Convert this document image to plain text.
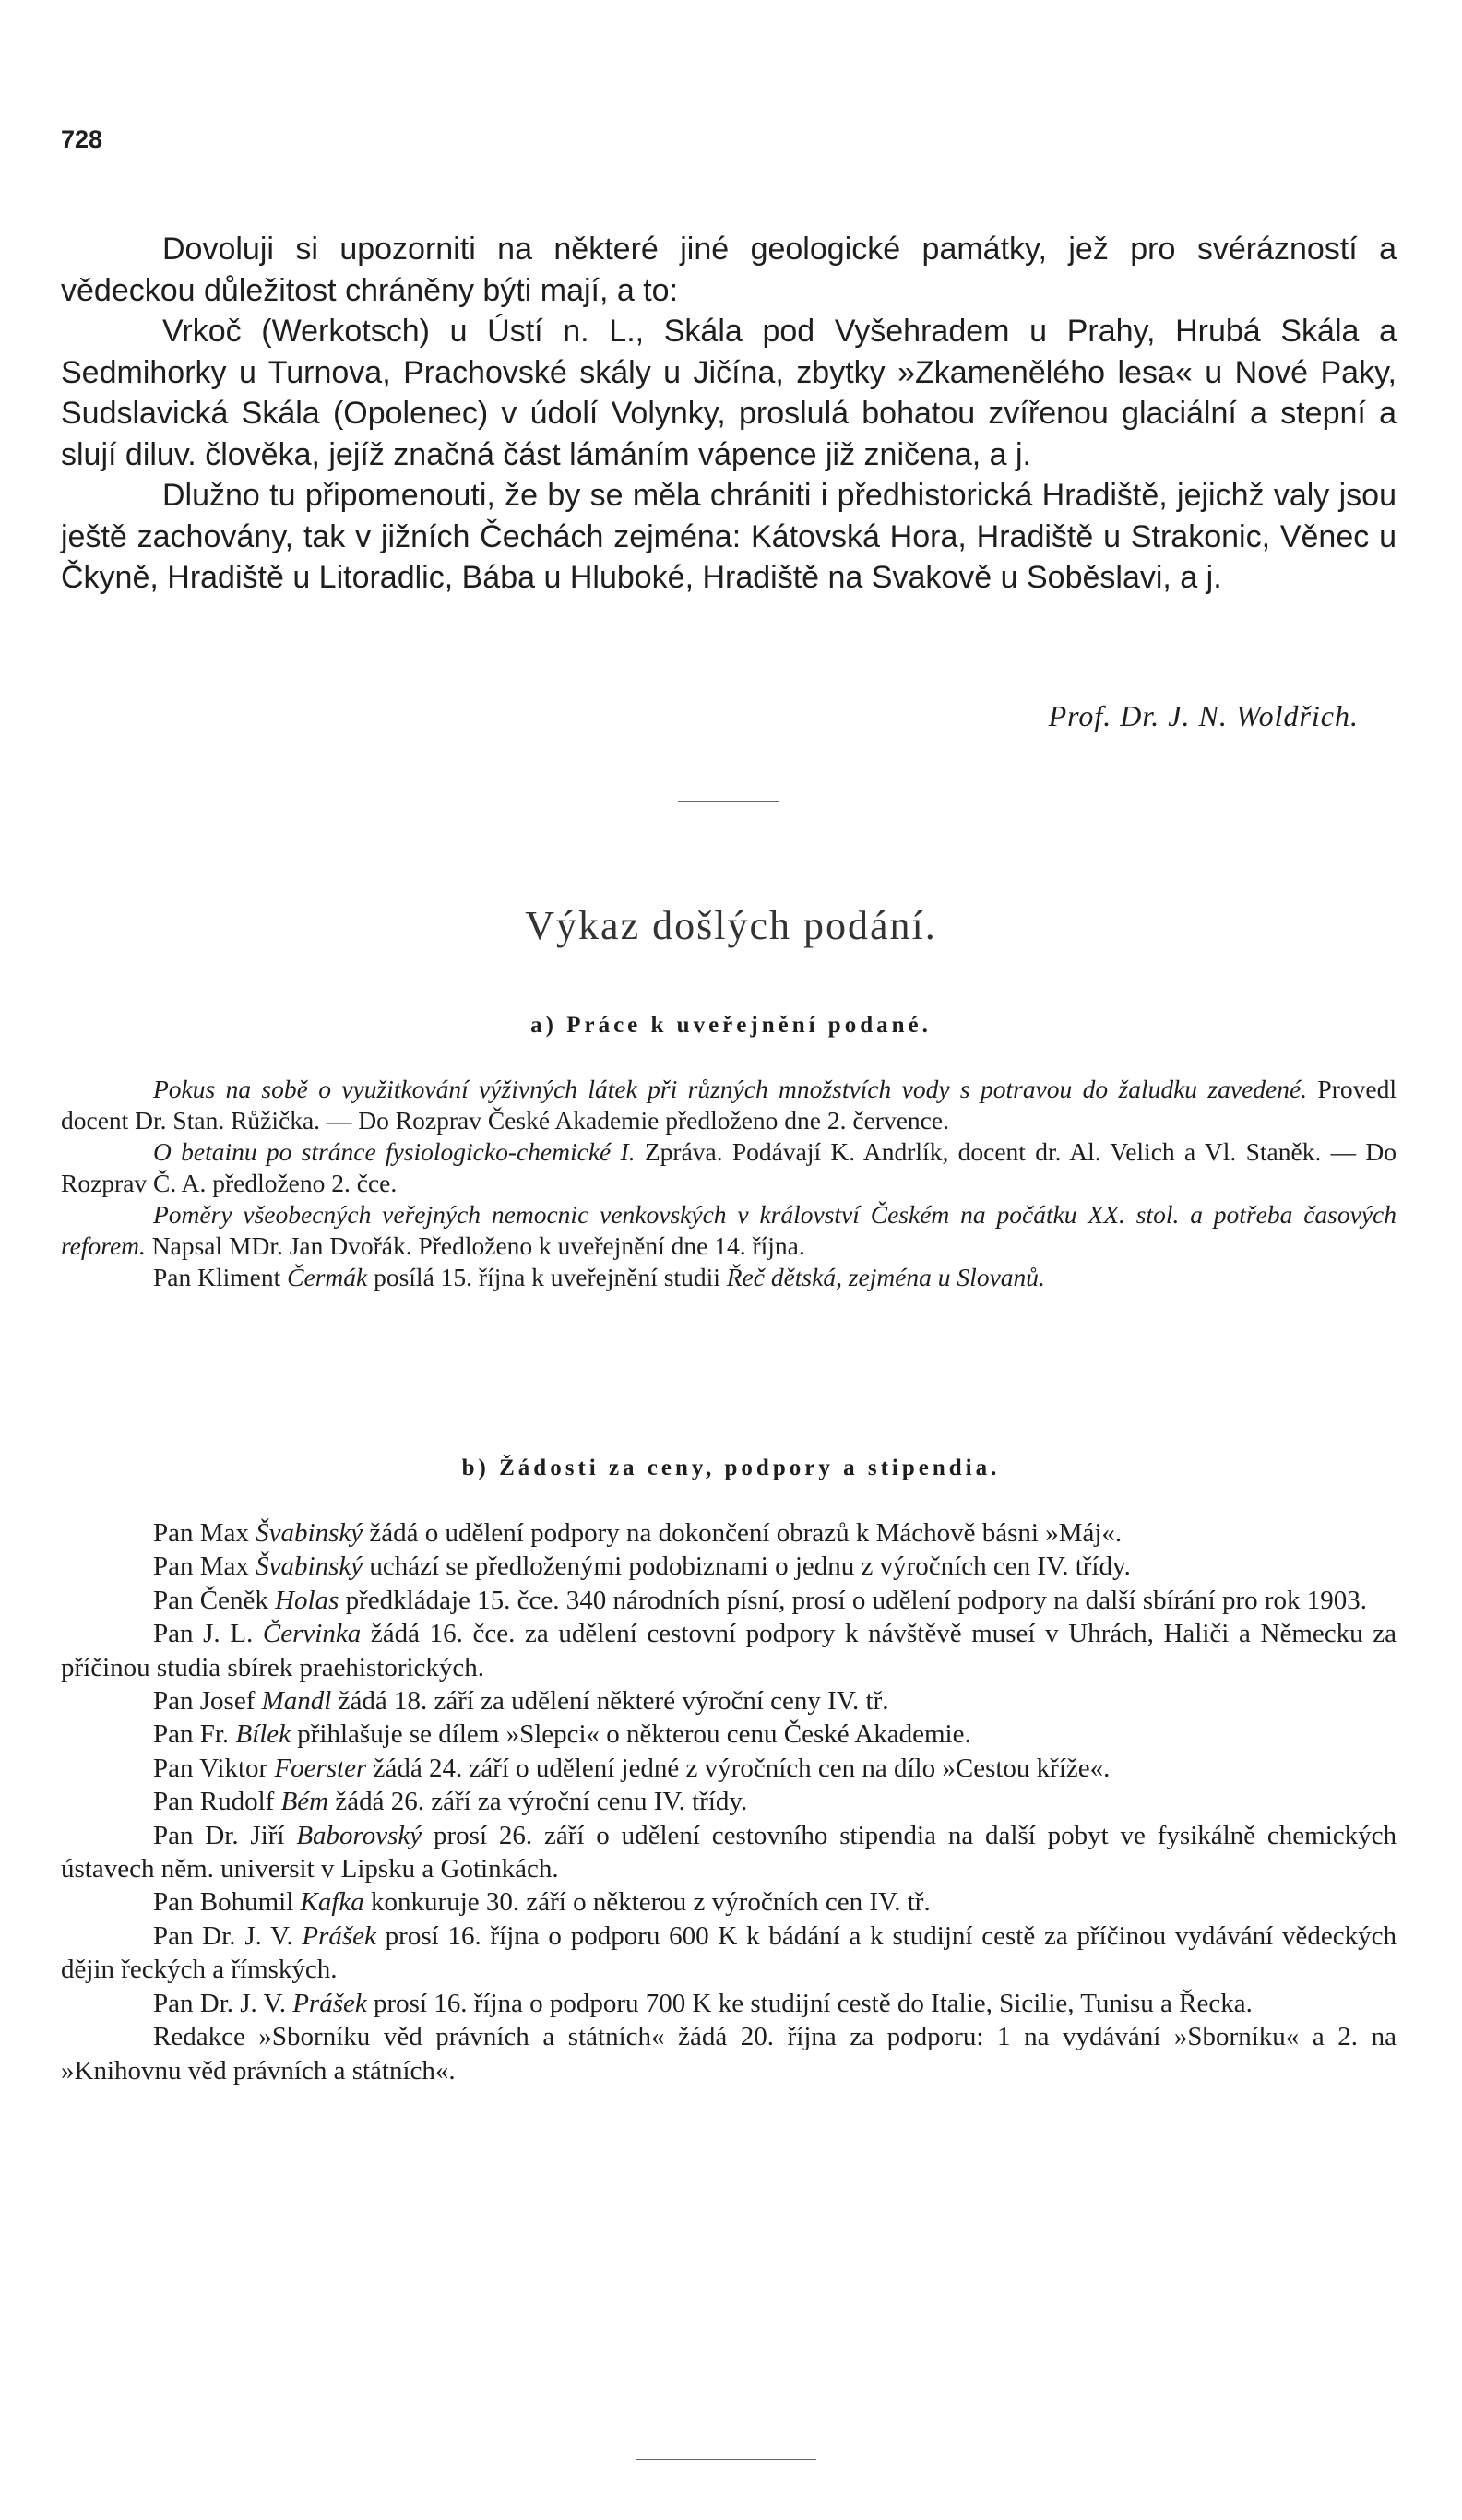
728

Dovoluji si upozorniti na některé jiné geologické památky, jež pro svérázností a vědeckou důležitost chráněny býti mají, a to:

Vrkoč (Werkotsch) u Ústí n. L., Skála pod Vyšehradem u Prahy, Hrubá Skála a Sedmihorky u Turnova, Prachovské skály u Jičína, zbytky »Zkamenělého lesa« u Nové Paky, Sudslavická Skála (Opolenec) v údolí Volynky, proslulá bohatou zvířenou glaciální a stepní a slují diluv. člověka, jejíž značná část lámáním vápence již zničena, a j.

Dlužno tu připomenouti, že by se měla chrániti i předhistorická Hradiště, jejichž valy jsou ještě zachovány, tak v jižních Čechách zejména: Kátovská Hora, Hradiště u Strakonic, Věnec u Čkyně, Hradiště u Litoradlic, Bába u Hluboké, Hradiště na Svakově u Soběslavi, a j.

Prof. Dr. J. N. Woldřich.
Výkaz došlých podání.
a) Práce k uveřejnění podané.

Pokus na sobě o využitkování výživných látek při různých množstvích vody s potravou do žaludku zavedené. Provedl docent Dr. Stan. Růžička. — Do Rozprav České Akademie předloženo dne 2. července.

O betainu po stránce fysiologicko-chemické I. Zpráva. Podávají K. Andrlík, docent dr. Al. Velich a Vl. Staněk. — Do Rozprav Č. A. předloženo 2. čce.

Poměry všeobecných veřejných nemocnic venkovských v království Českém na počátku XX. stol. a potřeba časových reforem. Napsal MDr. Jan Dvořák. Předloženo k uveřejnění dne 14. října.

Pan Kliment Čermák posílá 15. října k uveřejnění studii Řeč dětská, zejména u Slovanů.

b) Žádosti za ceny, podpory a stipendia.

Pan Max Švabinský žádá o udělení podpory na dokončení obrazů k Máchově básni »Máj«.

Pan Max Švabinský uchází se předloženými podobiznami o jednu z výročních cen IV. třídy.

Pan Čeněk Holas předkládaje 15. čce. 340 národních písní, prosí o udělení podpory na další sbírání pro rok 1903.

Pan J. L. Červinka žádá 16. čce. za udělení cestovní podpory k návštěvě museí v Uhrách, Haliči a Německu za příčinou studia sbírek praehistorických.

Pan Josef Mandl žádá 18. září za udělení některé výroční ceny IV. tř.

Pan Fr. Bílek přihlašuje se dílem »Slepci« o některou cenu České Akademie.

Pan Viktor Foerster žádá 24. září o udělení jedné z výročních cen na dílo »Cestou kříže«.

Pan Rudolf Bém žádá 26. září za výroční cenu IV. třídy.

Pan Dr. Jiří Baborovský prosí 26. září o udělení cestovního stipendia na další pobyt ve fysikálně chemických ústavech něm. universit v Lipsku a Gotinkách.

Pan Bohumil Kafka konkuruje 30. září o některou z výročních cen IV. tř.

Pan Dr. J. V. Prášek prosí 16. října o podporu 600 K k bádání a k studijní cestě za příčinou vydávání vědeckých dějin řeckých a římských.

Pan Dr. J. V. Prášek prosí 16. října o podporu 700 K ke studijní cestě do Italie, Sicilie, Tunisu a Řecka.

Redakce »Sborníku věd právních a státních« žádá 20. října za podporu: 1 na vydávání »Sborníku« a 2. na »Knihovnu věd právních a státních«.
